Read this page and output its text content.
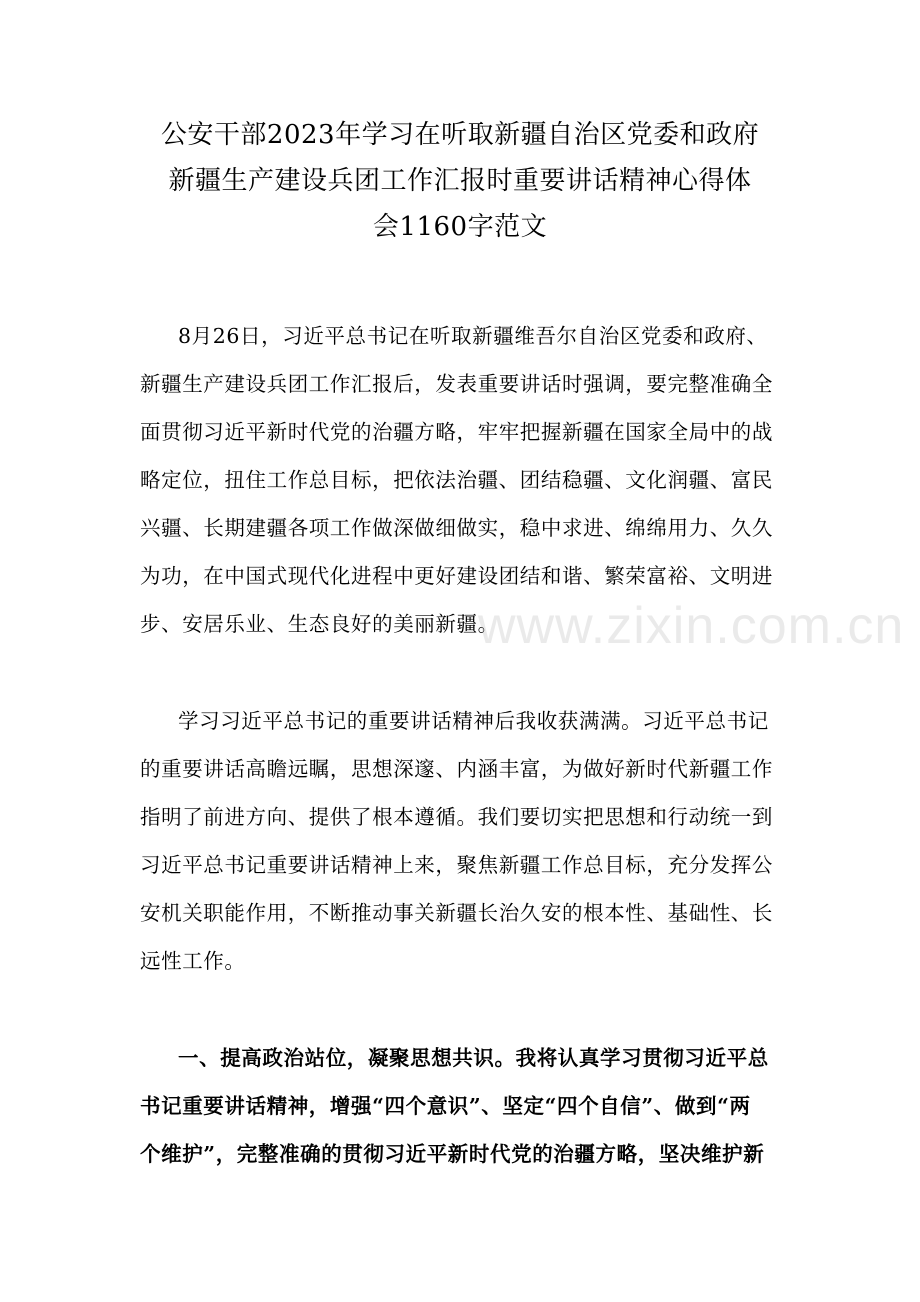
公安干部2023年学习在听取新疆自治区党委和政府
新疆生产建设兵团工作汇报时重要讲话精神心得体
会1160字范文

8月26日，习近平总书记在听取新疆维吾尔自治区党委和政府、
新疆生产建设兵团工作汇报后，发表重要讲话时强调，要完整准确全
面贯彻习近平新时代党的治疆方略，牢牢把握新疆在国家全局中的战
略定位，扭住工作总目标，把依法治疆、团结稳疆、文化润疆、富民
兴疆、长期建疆各项工作做深做细做实，稳中求进、绵绵用力、久久
为功，在中国式现代化进程中更好建设团结和谐、繁荣富裕、文明进
步、安居乐业、生态良好的美丽新疆。

学习习近平总书记的重要讲话精神后我收获满满。习近平总书记
的重要讲话高瞻远瞩，思想深邃、内涵丰富，为做好新时代新疆工作
指明了前进方向、提供了根本遵循。我们要切实把思想和行动统一到
习近平总书记重要讲话精神上来，聚焦新疆工作总目标，充分发挥公
安机关职能作用，不断推动事关新疆长治久安的根本性、基础性、长
远性工作。

一、提高政治站位，凝聚思想共识。我将认真学习贯彻习近平总
书记重要讲话精神，增强“四个意识”、坚定“四个自信”、做到“两
个维护”，完整准确的贯彻习近平新时代党的治疆方略，坚决维护新

www.zixin.com.cn
